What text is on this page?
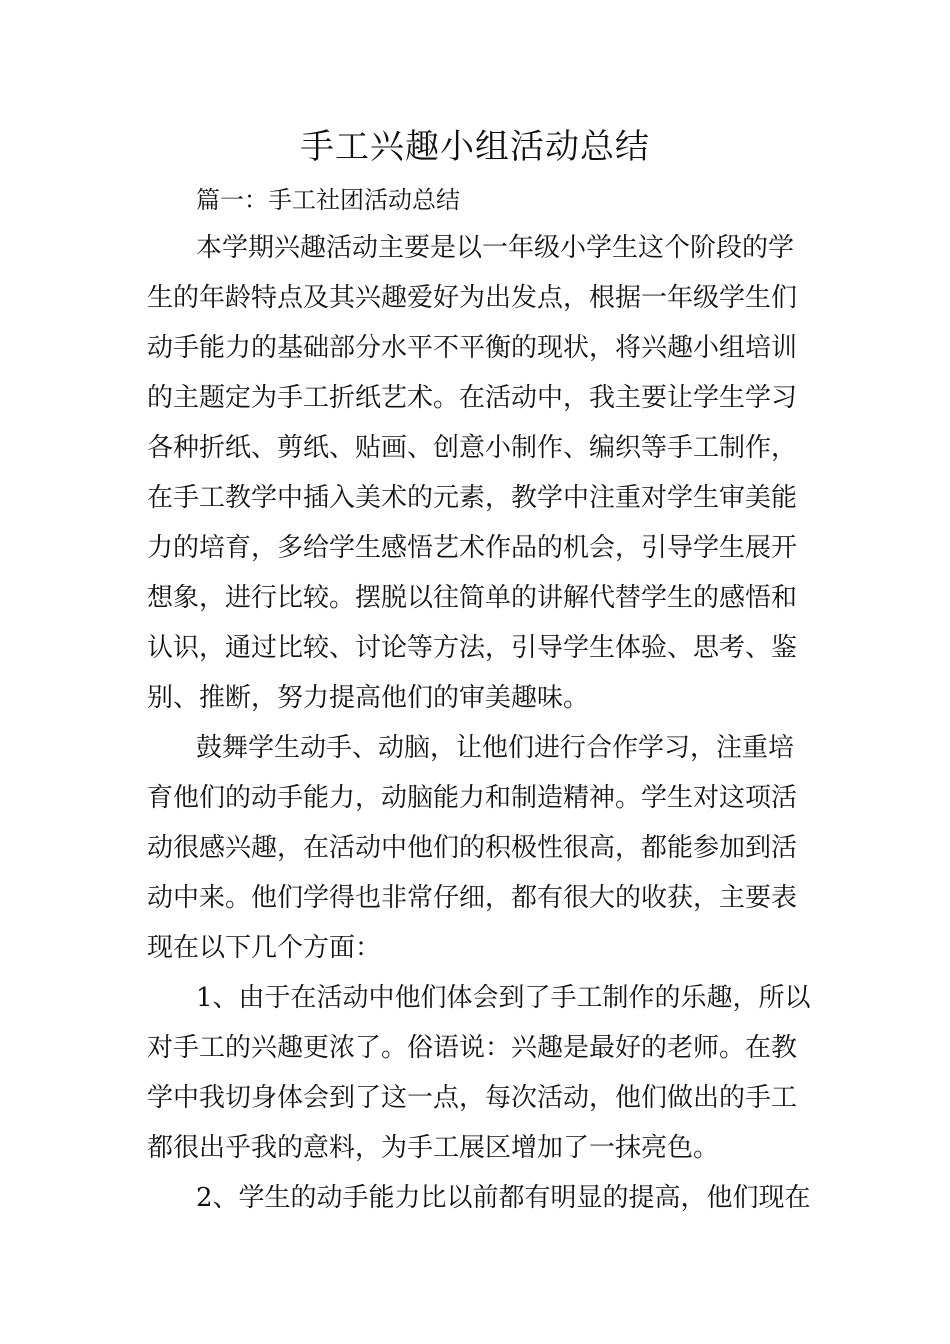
手工兴趣小组活动总结
篇一：手工社团活动总结
本学期兴趣活动主要是以一年级小学生这个阶段的学
生的年龄特点及其兴趣爱好为出发点，根据一年级学生们
动手能力的基础部分水平不平衡的现状，将兴趣小组培训
的主题定为手工折纸艺术。在活动中，我主要让学生学习
各种折纸、剪纸、贴画、创意小制作、编织等手工制作，
在手工教学中插入美术的元素，教学中注重对学生审美能
力的培育，多给学生感悟艺术作品的机会，引导学生展开
想象，进行比较。摆脱以往简单的讲解代替学生的感悟和
认识，通过比较、讨论等方法，引导学生体验、思考、鉴
别、推断，努力提高他们的审美趣味。
鼓舞学生动手、动脑，让他们进行合作学习，注重培
育他们的动手能力，动脑能力和制造精神。学生对这项活
动很感兴趣，在活动中他们的积极性很高，都能参加到活
动中来。他们学得也非常仔细，都有很大的收获，主要表
现在以下几个方面：
1、由于在活动中他们体会到了手工制作的乐趣，所以
对手工的兴趣更浓了。俗语说：兴趣是最好的老师。在教
学中我切身体会到了这一点，每次活动，他们做出的手工
都很出乎我的意料，为手工展区增加了一抹亮色。
2、学生的动手能力比以前都有明显的提高，他们现在
